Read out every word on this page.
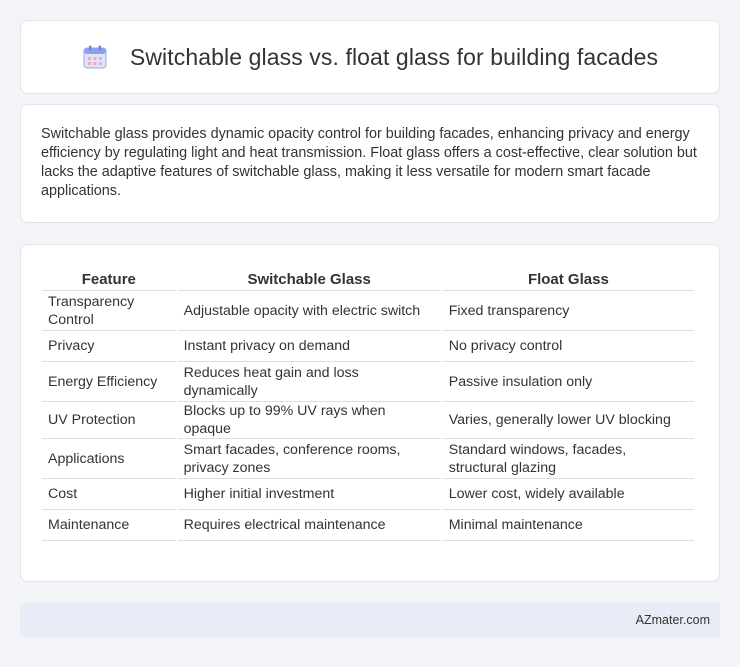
Switchable glass vs. float glass for building facades

Switchable glass provides dynamic opacity control for building facades, enhancing privacy and energy efficiency by regulating light and heat transmission. Float glass offers a cost-effective, clear solution but lacks the adaptive features of switchable glass, making it less versatile for modern smart facade applications.

Feature	Switchable Glass	Float Glass
Transparency Control	Adjustable opacity with electric switch	Fixed transparency
Privacy	Instant privacy on demand	No privacy control
Energy Efficiency	Reduces heat gain and loss dynamically	Passive insulation only
UV Protection	Blocks up to 99% UV rays when opaque	Varies, generally lower UV blocking
Applications	Smart facades, conference rooms, privacy zones	Standard windows, facades, structural glazing
Cost	Higher initial investment	Lower cost, widely available
Maintenance	Requires electrical maintenance	Minimal maintenance
AZmater.com
